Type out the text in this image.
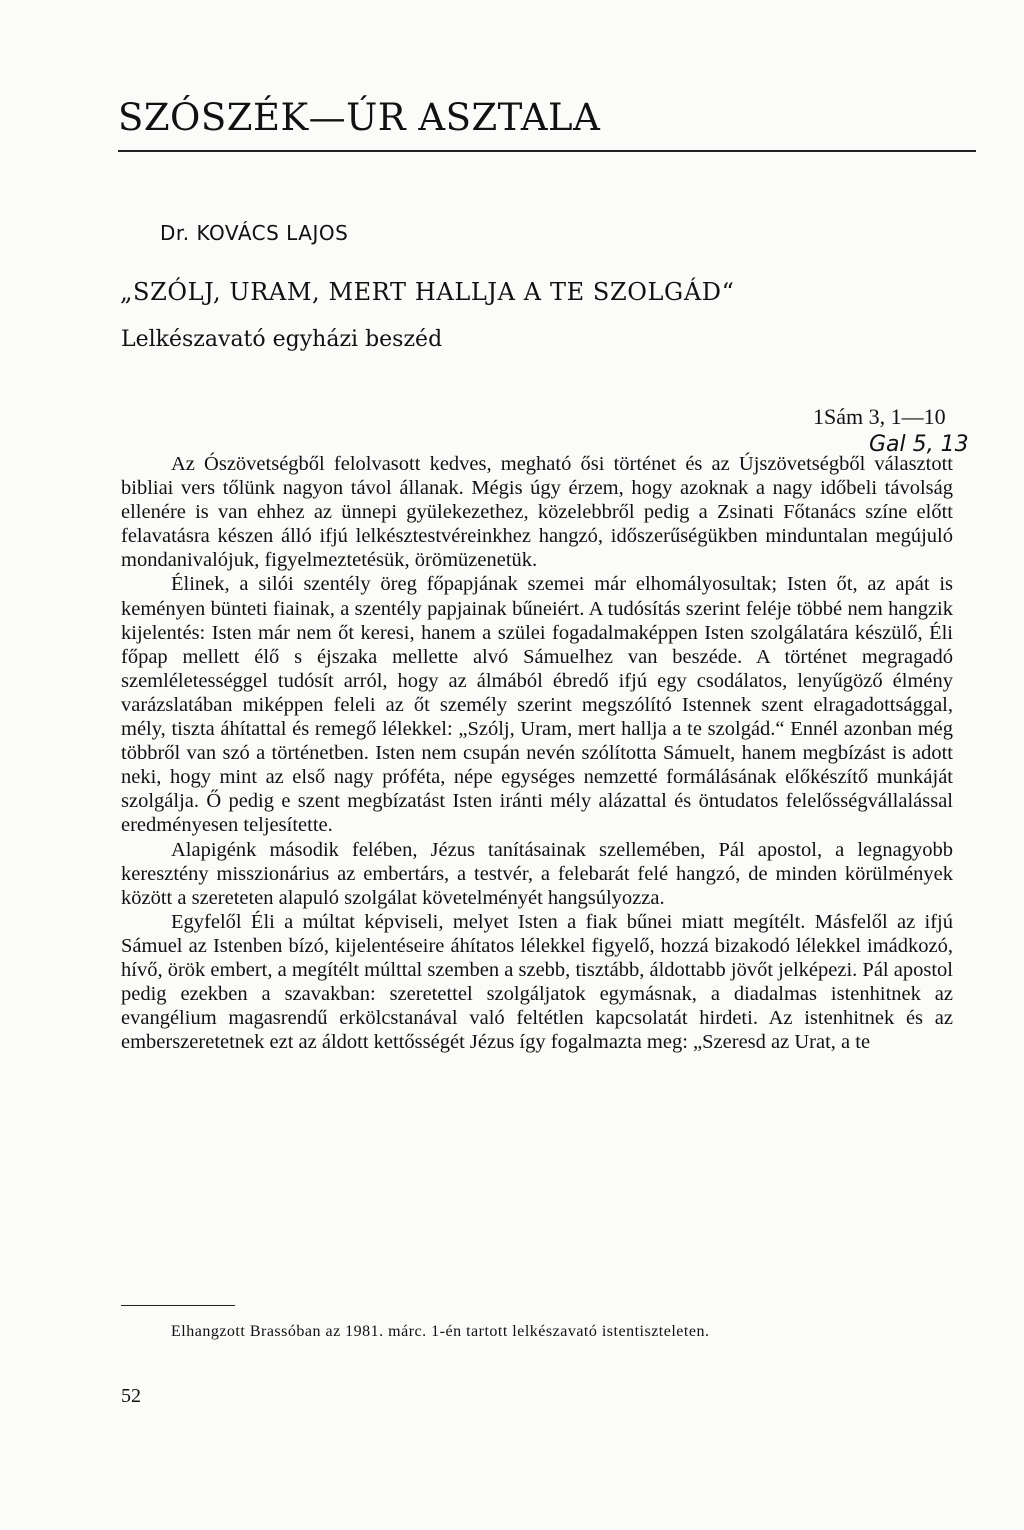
SZÓSZÉK—ÚR ASZTALA
Dr. KOVÁCS LAJOS
„SZÓLJ, URAM, MERT HALLJA A TE SZOLGÁD“
Lelkészavató egyházi beszéd
1Sám 3, 1—10
Gal 5, 13

Az Ószövetségből felolvasott kedves, megható ősi történet és az Újszövetségből választott bibliai vers tőlünk nagyon távol állanak. Mégis úgy érzem, hogy azoknak a nagy időbeli távolság ellenére is van ehhez az ünnepi gyülekezethez, közelebbről pedig a Zsinati Főtanács színe előtt felavatásra készen álló ifjú lelkésztestvéreinkhez hangzó, időszerűségükben minduntalan megújuló mondanivalójuk, figyelmeztetésük, örömüzenetük.

Élinek, a silói szentély öreg főpapjának szemei már elhomályosultak; Isten őt, az apát is keményen bünteti fiainak, a szentély papjainak bűneiért. A tudósítás szerint feléje többé nem hangzik kijelentés: Isten már nem őt keresi, hanem a szülei fogadalmaképpen Isten szolgálatára készülő, Éli főpap mellett élő s éjszaka mellette alvó Sámuelhez van beszéde. A történet megragadó szemléletességgel tudósít arról, hogy az álmából ébredő ifjú egy csodálatos, lenyűgöző élmény varázslatában miképpen feleli az őt személy szerint megszólító Istennek szent elragadottsággal, mély, tiszta áhítattal és remegő lélekkel: „Szólj, Uram, mert hallja a te szolgád.“ Ennél azonban még többről van szó a történetben. Isten nem csupán nevén szólította Sámuelt, hanem megbízást is adott neki, hogy mint az első nagy próféta, népe egységes nemzetté formálásának előkészítő munkáját szolgálja. Ő pedig e szent megbízatást Isten iránti mély alázattal és öntudatos felelősségvállalással eredményesen teljesítette.

Alapigénk második felében, Jézus tanításainak szellemében, Pál apostol, a legnagyobb keresztény misszionárius az embertárs, a testvér, a felebarát felé hangzó, de minden körülmények között a szereteten alapuló szolgálat követelményét hangsúlyozza.

Egyfelől Éli a múltat képviseli, melyet Isten a fiak bűnei miatt megítélt. Másfelől az ifjú Sámuel az Istenben bízó, kijelentéseire áhítatos lélekkel figyelő, hozzá bizakodó lélekkel imádkozó, hívő, örök embert, a megítélt múlttal szemben a szebb, tisztább, áldottabb jövőt jelképezi. Pál apostol pedig ezekben a szavakban: szeretettel szolgáljatok egymásnak, a diadalmas istenhitnek az evangélium magasrendű erkölcstanával való feltétlen kapcsolatát hirdeti. Az istenhitnek és az emberszeretetnek ezt az áldott kettősségét Jézus így fogalmazta meg: „Szeresd az Urat, a te

Elhangzott Brassóban az 1981. márc. 1-én tartott lelkészavató istentiszteleten.
52
